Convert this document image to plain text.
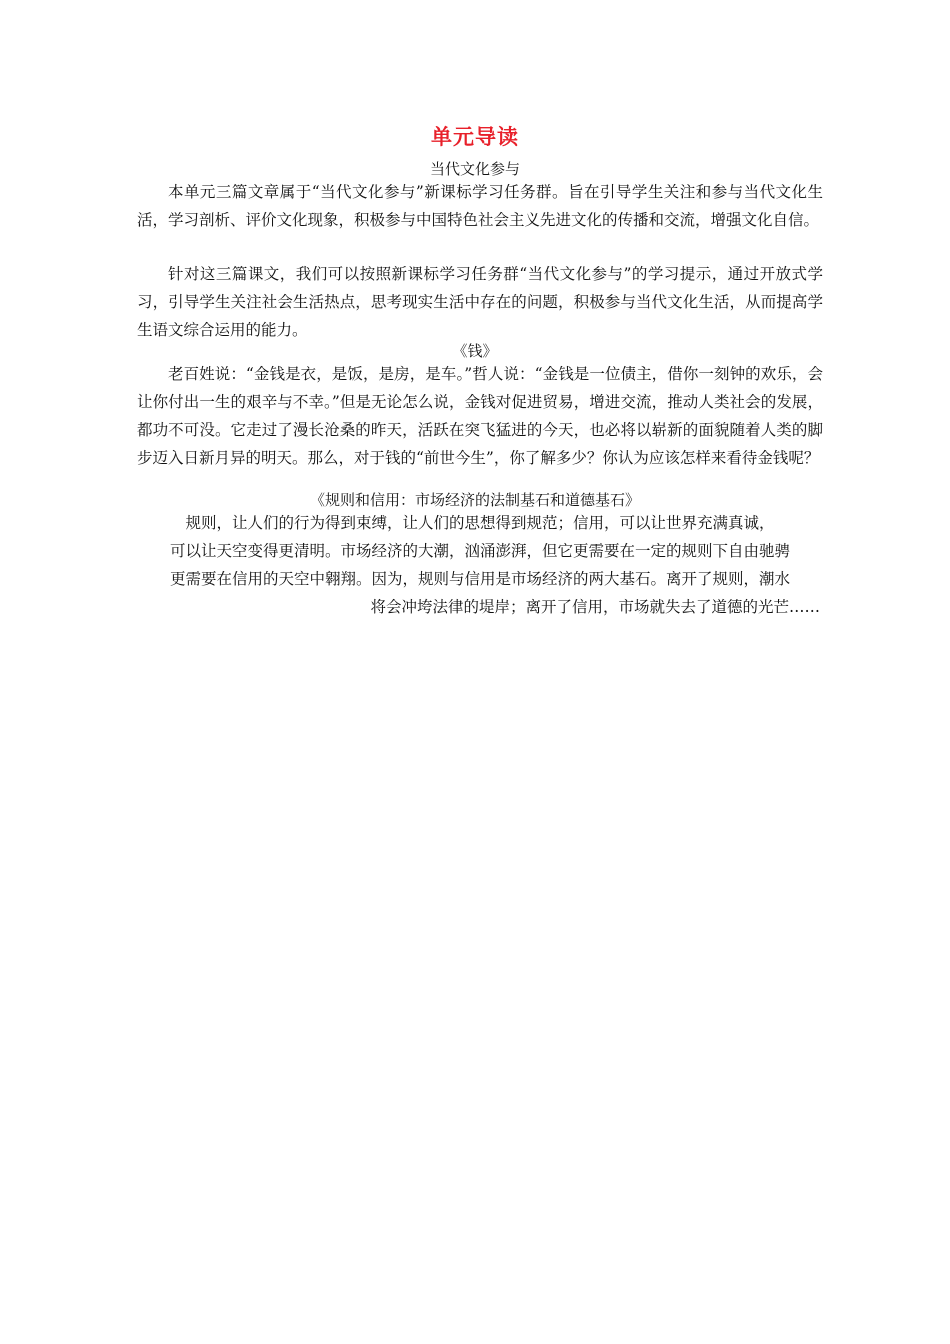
单元导读
当代文化参与

本单元三篇文章属于“当代文化参与”新课标学习任务群。旨在引导学生关注和参与当代文化生活，学习剖析、评价文化现象，积极参与中国特色社会主义先进文化的传播和交流，增强文化自信。

针对这三篇课文，我们可以按照新课标学习任务群“当代文化参与”的学习提示，通过开放式学习，引导学生关注社会生活热点，思考现实生活中存在的问题，积极参与当代文化生活，从而提高学生语文综合运用的能力。

《钱》

老百姓说：“金钱是衣，是饭，是房，是车。”哲人说：“金钱是一位债主，借你一刻钟的欢乐，会让你付出一生的艰辛与不幸。”但是无论怎么说，金钱对促进贸易，增进交流，推动人类社会的发展，都功不可没。它走过了漫长沧桑的昨天，活跃在突飞猛进的今天，也必将以崭新的面貌随着人类的脚步迈入日新月异的明天。那么，对于钱的“前世今生”，你了解多少？你认为应该怎样来看待金钱呢？

《规则和信用：市场经济的法制基石和道德基石》
规则，让人们的行为得到束缚，让人们的思想得到规范；信用，可以让世界充满真诚，
可以让天空变得更清明。市场经济的大潮，汹涌澎湃，但它更需要在一定的规则下自由驰骋
更需要在信用的天空中翱翔。因为，规则与信用是市场经济的两大基石。离开了规则，潮水
将会冲垮法律的堤岸；离开了信用，市场就失去了道德的光芒……
